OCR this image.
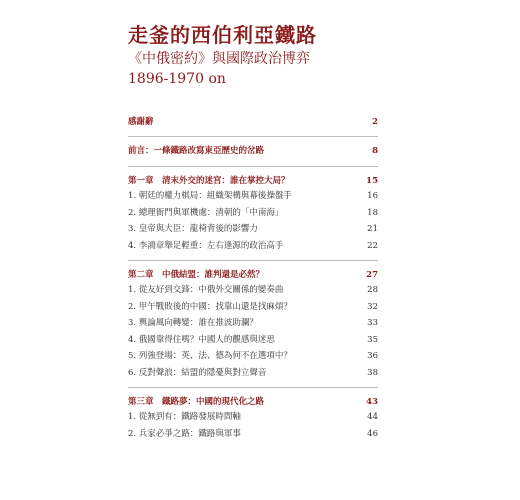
走釜的西伯利亞鐵路
《中俄密約》與國際政治博弈
1896-1970 on
感謝辭	2
前言：一條鐵路改寫東亞歷史的岔路	8
第一章　清末外交的迷宮：誰在掌控大局？	15
1. 朝廷的權力棋局：組織架構與幕後操盤手	16
2. 總理衙門與軍機處：清朝的「中南海」	18
3. 皇帝與大臣：龍椅背後的影響力	21
4. 李鴻章舉足輕重：左右逢源的政治高手	22
第二章　中俄結盟：誰判還是必然？	27
1. 從友好到交鋒：中俄外交關係的變奏曲	28
2. 甲午戰敗後的中國：找靠山還是找麻煩？	32
3. 輿論風向轉變：誰在推波助瀾？	33
4. 俄國靠得住嗎？中國人的觀感與迷思	35
5. 列強登場：英、法、德為何不在選項中？	36
6. 反對聲浪：結盟的隱憂與對立聲音	38
第三章　鐵路夢：中國的現代化之路	43
1. 從無到有：鐵路發展時間軸	44
2. 兵家必爭之路：鐵路與軍事	46
